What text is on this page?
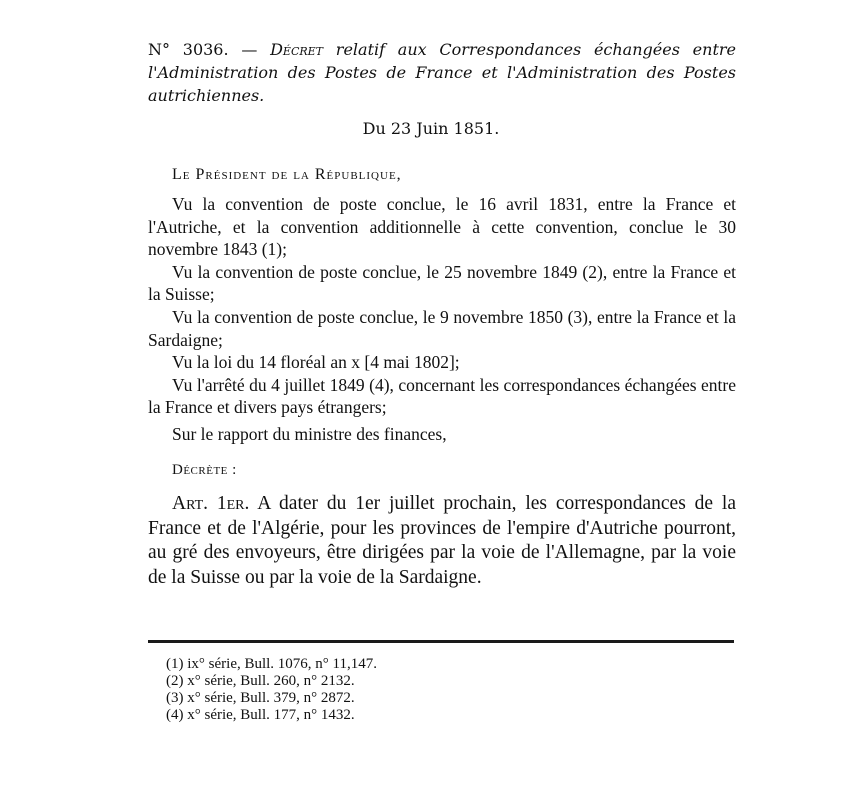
N° 3036. — Décret relatif aux Correspondances échangées entre l'Administration des Postes de France et l'Administration des Postes autrichiennes.
Du 23 Juin 1851.
Le Président de la République,

Vu la convention de poste conclue, le 16 avril 1831, entre la France et l'Autriche, et la convention additionnelle à cette convention, conclue le 30 novembre 1843 (1);

Vu la convention de poste conclue, le 25 novembre 1849 (2), entre la France et la Suisse;

Vu la convention de poste conclue, le 9 novembre 1850 (3), entre la France et la Sardaigne;

Vu la loi du 14 floréal an x [4 mai 1802];

Vu l'arrêté du 4 juillet 1849 (4), concernant les correspondances échangées entre la France et divers pays étrangers;

Sur le rapport du ministre des finances,

Décrète :
Art. 1er. A dater du 1er juillet prochain, les correspondances de la France et de l'Algérie, pour les provinces de l'empire d'Autriche pourront, au gré des envoyeurs, être dirigées par la voie de l'Allemagne, par la voie de la Suisse ou par la voie de la Sardaigne.
(1) ix° série, Bull. 1076, n° 11,147.
(2) x° série, Bull. 260, n° 2132.
(3) x° série, Bull. 379, n° 2872.
(4) x° série, Bull. 177, n° 1432.
